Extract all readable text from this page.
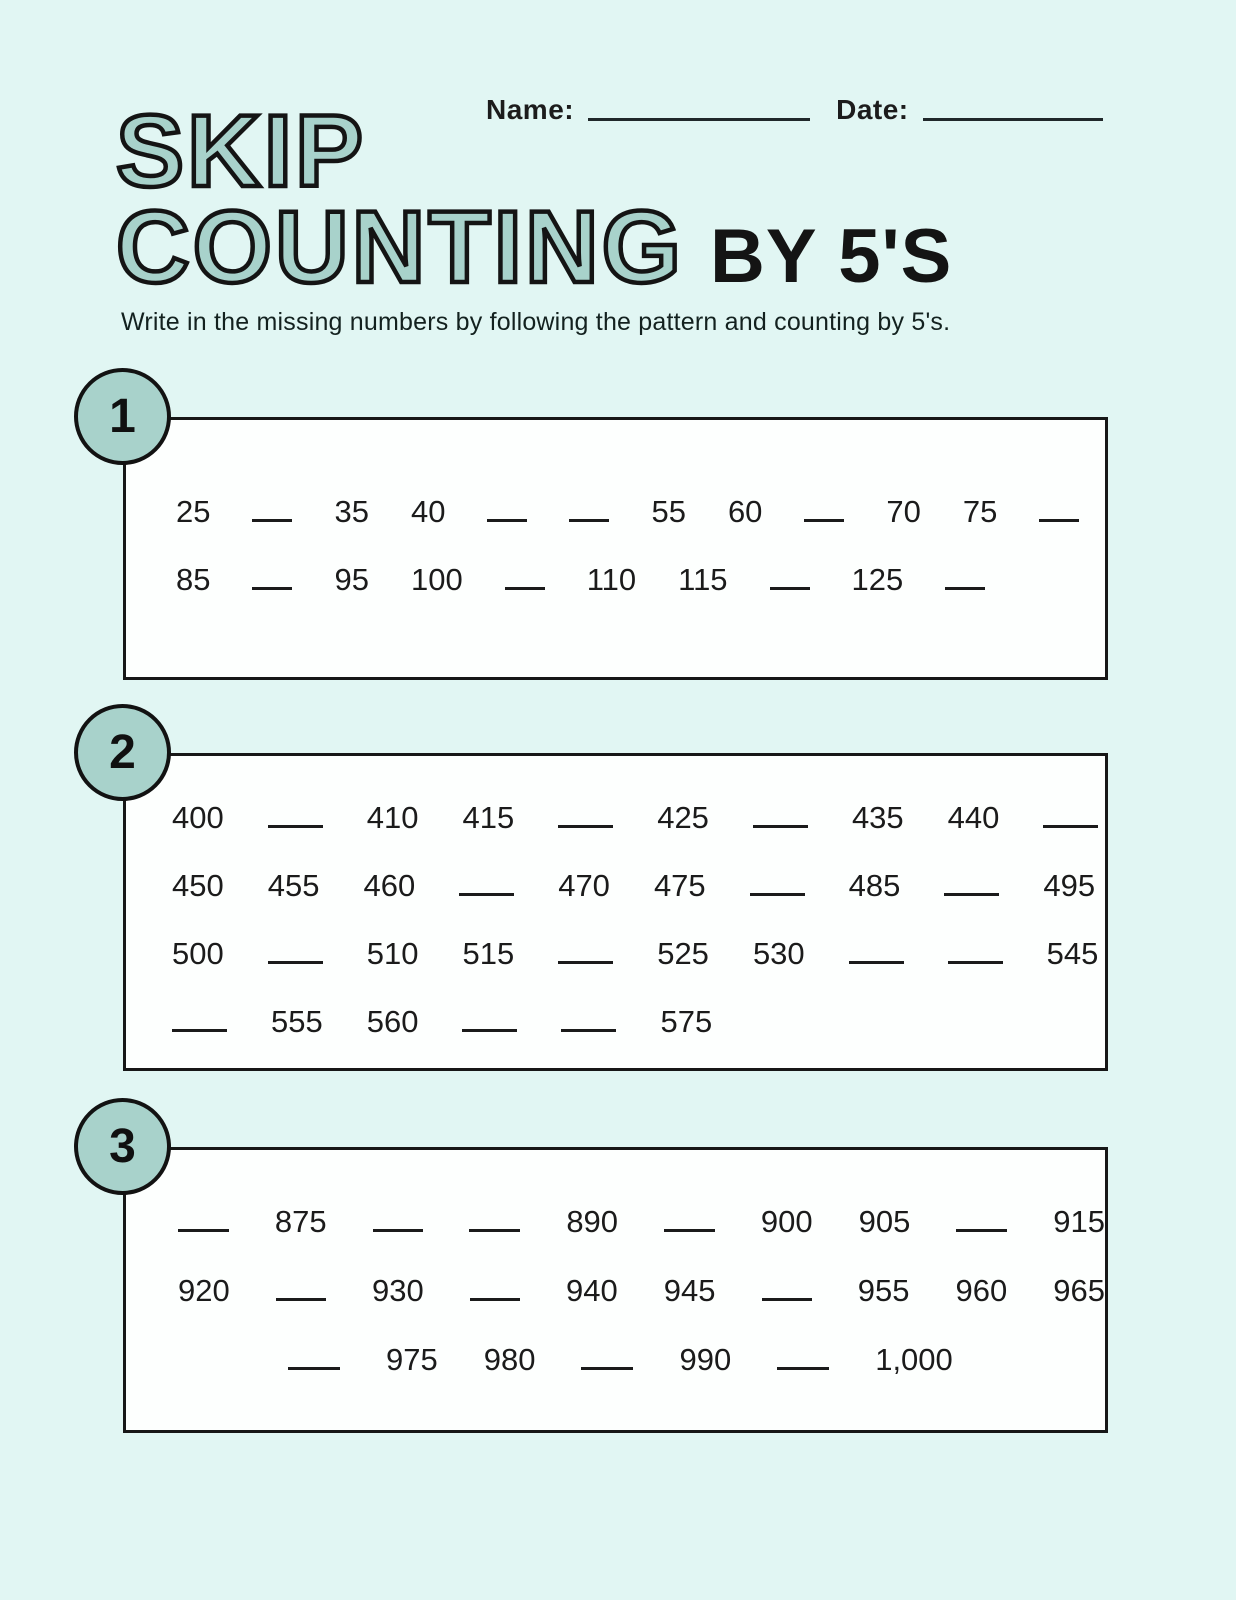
Name:	Date:
SKIP
COUNTING BY 5'S

Write in the missing numbers by following the pattern and counting by 5's.

25	35 40	55 60	70 75
85	95 100	110 115	125
1
400	410 415	425	435 440
450 455 460	470 475	485	495
500	510 515	525 530	545
555 560	575
2
875	890	900 905	915
920	930	940 945	955 960 965
975 980	990	1,000
3
